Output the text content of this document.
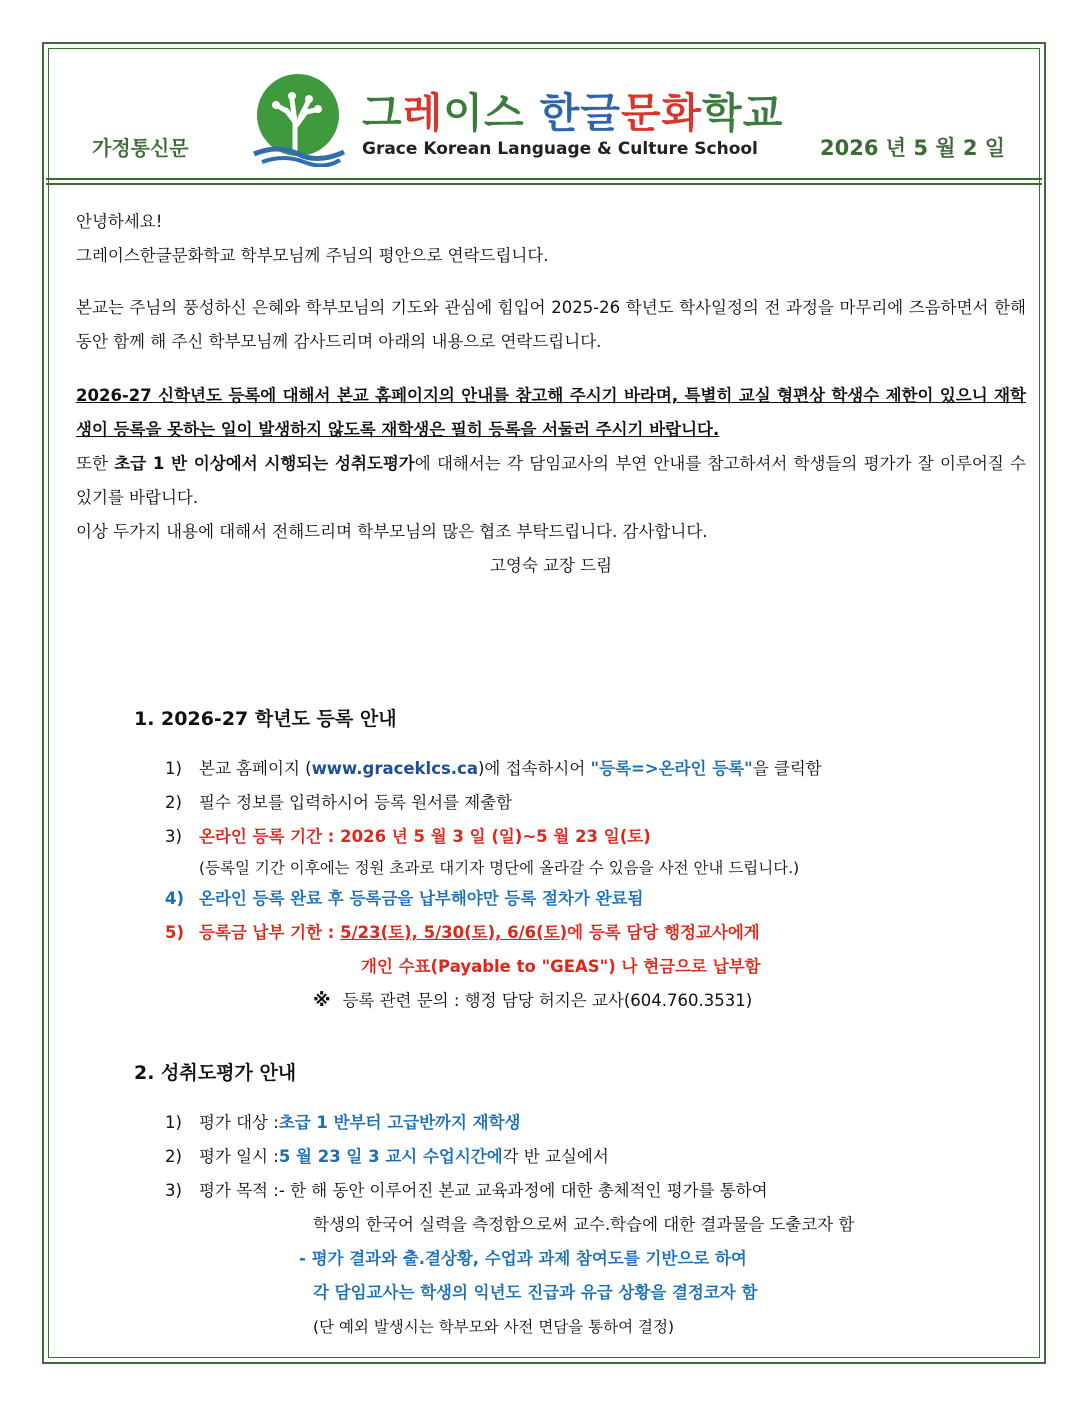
가정통신문
그레이스 한글문화학교
Grace Korean Language & Culture School	2026 년 5 월 2 일

안녕하세요!

그레이스한글문화학교 학부모님께 주님의 평안으로 연락드립니다.

본교는 주님의 풍성하신 은혜와 학부모님의 기도와 관심에 힘입어 2025-26 학년도 학사일정의 전 과정을 마무리에 즈음하면서 한해동안 함께 해 주신 학부모님께 감사드리며 아래의 내용으로 연락드립니다.

2026-27 신학년도 등록에 대해서 본교 홈페이지의 안내를 참고해 주시기 바라며, 특별히 교실 형편상 학생수 제한이 있으니 재학생이 등록을 못하는 일이 발생하지 않도록 재학생은 필히 등록을 서둘러 주시기 바랍니다.

또한 초급 1 반 이상에서 시행되는 성취도평가에 대해서는 각 담임교사의 부연 안내를 참고하셔서 학생들의 평가가 잘 이루어질 수 있기를 바랍니다.

이상 두가지 내용에 대해서 전해드리며 학부모님의 많은 협조 부탁드립니다. 감사합니다.

고영숙 교장 드림

1. 2026-27 학년도 등록 안내
1)	본교 홈페이지 (www.graceklcs.ca)에 접속하시어 "등록=>온라인 등록"을 클릭함
2)	필수 정보를 입력하시어 등록 원서를 제출함
3)	온라인 등록 기간 : 2026 년 5 월 3 일 (일)~5 월 23 일(토)
(등록일 기간 이후에는 정원 초과로 대기자 명단에 올라갈 수 있음을 사전 안내 드립니다.)
4) 온라인 등록 완료 후 등록금을 납부해야만 등록 절차가 완료됨
5) 등록금 납부 기한 : 5/23(토), 5/30(토), 6/6(토)에 등록 담당 행정교사에게
개인 수표(Payable to "GEAS") 나 현금으로 납부함
※ 등록 관련 문의 : 행정 담당 허지은 교사(604.760.3531)
2. 성취도평가 안내
1)	평가 대상 : 초급 1 반부터 고급반까지 재학생
2)	평가 일시 : 5 월 23 일 3 교시 수업시간에 각 반 교실에서
3)	평가 목적 : - 한 해 동안 이루어진 본교 교육과정에 대한 총체적인 평가를 통하여
학생의 한국어 실력을 측정함으로써 교수.학습에 대한 결과물을 도출코자 함
- 평가 결과와 출.결상황, 수업과 과제 참여도를 기반으로 하여
각 담임교사는 학생의 익년도 진급과 유급 상황을 결정코자 함
(단 예외 발생시는 학부모와 사전 면담을 통하여 결정)
